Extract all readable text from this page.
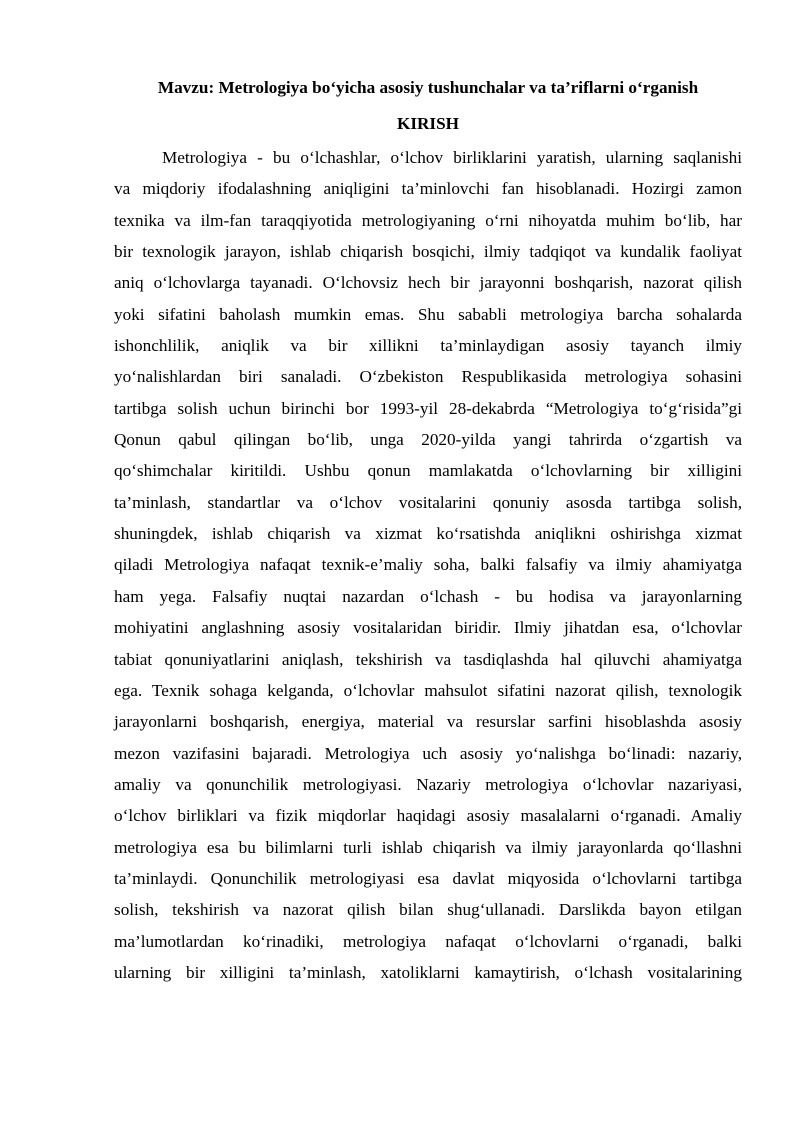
Mavzu: Metrologiya bo‘yicha asosiy tushunchalar va ta’riflarni o‘rganish
KIRISH
Metrologiya - bu o‘lchashlar, o‘lchov birliklarini yaratish, ularning saqlanishi
va miqdoriy ifodalashning aniqligini ta’minlovchi fan hisoblanadi. Hozirgi zamon
texnika va ilm-fan taraqqiyotida metrologiyaning o‘rni nihoyatda muhim bo‘lib, har
bir texnologik jarayon, ishlab chiqarish bosqichi, ilmiy tadqiqot va kundalik faoliyat
aniq o‘lchovlarga tayanadi. O‘lchovsiz hech bir jarayonni boshqarish, nazorat qilish
yoki sifatini baholash mumkin emas. Shu sababli metrologiya barcha sohalarda
ishonchlilik, aniqlik va bir xillikni ta’minlaydigan asosiy tayanch ilmiy
yo‘nalishlardan biri sanaladi. O‘zbekiston Respublikasida metrologiya sohasini
tartibga solish uchun birinchi bor 1993-yil 28-dekabrda “Metrologiya to‘g‘risida”gi
Qonun qabul qilingan bo‘lib, unga 2020-yilda yangi tahrirda o‘zgartish va
qo‘shimchalar kiritildi. Ushbu qonun mamlakatda o‘lchovlarning bir xilligini
ta’minlash, standartlar va o‘lchov vositalarini qonuniy asosda tartibga solish,
shuningdek, ishlab chiqarish va xizmat ko‘rsatishda aniqlikni oshirishga xizmat
qiladi Metrologiya nafaqat texnik-e’maliy soha, balki falsafiy va ilmiy ahamiyatga
ham yega. Falsafiy nuqtai nazardan o‘lchash - bu hodisa va jarayonlarning
mohiyatini anglashning asosiy vositalaridan biridir. Ilmiy jihatdan esa, o‘lchovlar
tabiat qonuniyatlarini aniqlash, tekshirish va tasdiqlashda hal qiluvchi ahamiyatga
ega. Texnik sohaga kelganda, o‘lchovlar mahsulot sifatini nazorat qilish, texnologik
jarayonlarni boshqarish, energiya, material va resurslar sarfini hisoblashda asosiy
mezon vazifasini bajaradi. Metrologiya uch asosiy yo‘nalishga bo‘linadi: nazariy,
amaliy va qonunchilik metrologiyasi. Nazariy metrologiya o‘lchovlar nazariyasi,
o‘lchov birliklari va fizik miqdorlar haqidagi asosiy masalalarni o‘rganadi. Amaliy
metrologiya esa bu bilimlarni turli ishlab chiqarish va ilmiy jarayonlarda qo‘llashni
ta’minlaydi. Qonunchilik metrologiyasi esa davlat miqyosida o‘lchovlarni tartibga
solish, tekshirish va nazorat qilish bilan shug‘ullanadi. Darslikda bayon etilgan
ma’lumotlardan ko‘rinadiki, metrologiya nafaqat o‘lchovlarni o‘rganadi, balki
ularning bir xilligini ta’minlash, xatoliklarni kamaytirish, o‘lchash vositalarining
